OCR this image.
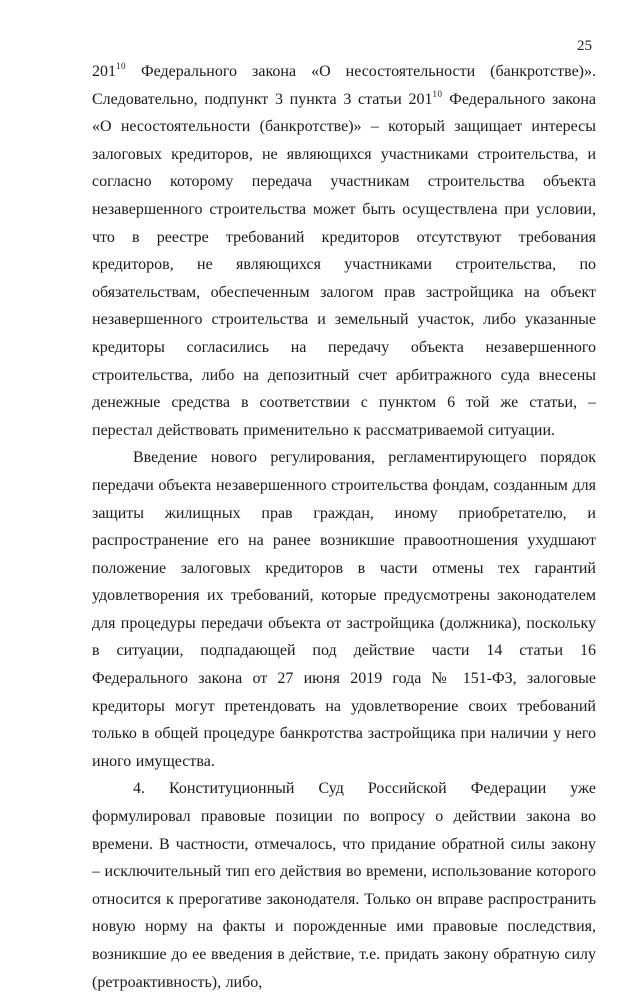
25

$201^{10}$ Федерального закона «О несостоятельности (банкротстве)». Следовательно, подпункт 3 пункта 3 статьи $201^{10}$ Федерального закона «О несостоятельности (банкротстве)» – который защищает интересы залоговых кредиторов, не являющихся участниками строительства, и согласно которому передача участникам строительства объекта незавершенного строительства может быть осуществлена при условии, что в реестре требований кредиторов отсутствуют требования кредиторов, не являющихся участниками строительства, по обязательствам, обеспеченным залогом прав застройщика на объект незавершенного строительства и земельный участок, либо указанные кредиторы согласились на передачу объекта незавершенного строительства, либо на депозитный счет арбитражного суда внесены денежные средства в соответствии с пунктом 6 той же статьи, – перестал действовать применительно к рассматриваемой ситуации.

Введение нового регулирования, регламентирующего порядок передачи объекта незавершенного строительства фондам, созданным для защиты жилищных прав граждан, иному приобретателю, и распространение его на ранее возникшие правоотношения ухудшают положение залоговых кредиторов в части отмены тех гарантий удовлетворения их требований, которые предусмотрены законодателем для процедуры передачи объекта от застройщика (должника), поскольку в ситуации, подпадающей под действие части 14 статьи 16 Федерального закона от 27 июня 2019 года № 151-ФЗ, залоговые кредиторы могут претендовать на удовлетворение своих требований только в общей процедуре банкротства застройщика при наличии у него иного имущества.

4. Конституционный Суд Российской Федерации уже формулировал правовые позиции по вопросу о действии закона во времени. В частности, отмечалось, что придание обратной силы закону – исключительный тип его действия во времени, использование которого относится к прерогативе законодателя. Только он вправе распространить новую норму на факты и порожденные ими правовые последствия, возникшие до ее введения в действие, т.е. придать закону обратную силу (ретроактивность), либо,
